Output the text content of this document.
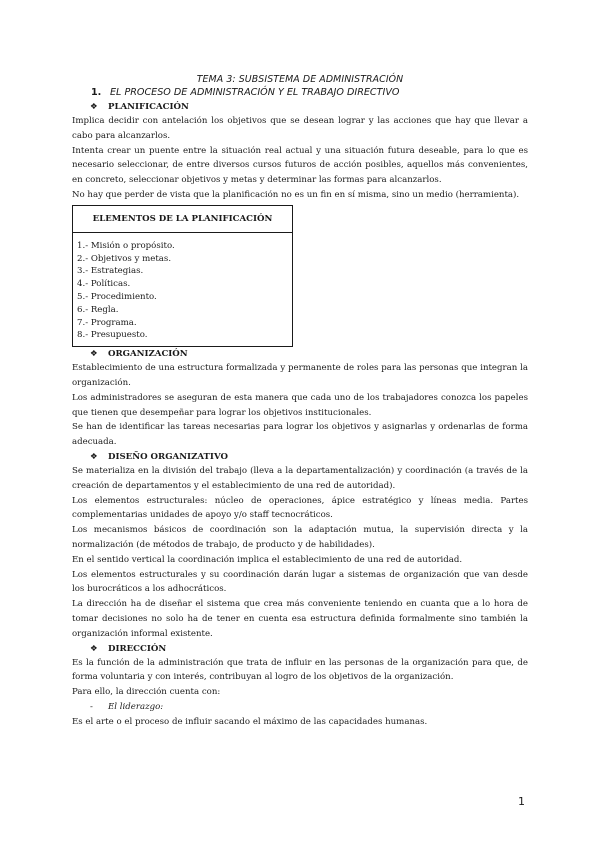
TEMA 3: SUBSISTEMA DE ADMINISTRACIÓN
1. EL PROCESO DE ADMINISTRACIÓN Y EL TRABAJO DIRECTIVO
❖ PLANIFICACIÓN

Implica decidir con antelación los objetivos que se desean lograr y las acciones que hay que llevar a cabo para alcanzarlos.

Intenta crear un puente entre la situación real actual y una situación futura deseable, para lo que es necesario seleccionar, de entre diversos cursos futuros de acción posibles, aquellos más convenientes, en concreto, seleccionar objetivos y metas y determinar las formas para alcanzarlos.

No hay que perder de vista que la planificación no es un fin en sí misma, sino un medio (herramienta).

ELEMENTOS DE LA PLANIFICACIÓN
1.- Misión o propósito.
2.- Objetivos y metas.
3.- Estrategias.
4.- Políticas.
5.- Procedimiento.
6.- Regla.
7.- Programa.
8.- Presupuesto.
❖ ORGANIZACIÓN

Establecimiento de una estructura formalizada y permanente de roles para las personas que integran la organización.

Los administradores se aseguran de esta manera que cada uno de los trabajadores conozca los papeles que tienen que desempeñar para lograr los objetivos institucionales.

Se han de identificar las tareas necesarias para lograr los objetivos y asignarlas y ordenarlas de forma adecuada.

❖ DISEÑO ORGANIZATIVO

Se materializa en la división del trabajo (lleva a la departamentalización) y coordinación (a través de la creación de departamentos y el establecimiento de una red de autoridad).

Los elementos estructurales: núcleo de operaciones, ápice estratégico y líneas media. Partes complementarias unidades de apoyo y/o staff tecnocráticos.

Los mecanismos básicos de coordinación son la adaptación mutua, la supervisión directa y la normalización (de métodos de trabajo, de producto y de habilidades).

En el sentido vertical la coordinación implica el establecimiento de una red de autoridad.

Los elementos estructurales y su coordinación darán lugar a sistemas de organización que van desde los burocráticos a los adhocráticos.

La dirección ha de diseñar el sistema que crea más conveniente teniendo en cuanta que a lo hora de tomar decisiones no solo ha de tener en cuenta esa estructura definida formalmente sino también la organización informal existente.

❖ DIRECCIÓN

Es la función de la administración que trata de influir en las personas de la organización para que, de forma voluntaria y con interés, contribuyan al logro de los objetivos de la organización.

Para ello, la dirección cuenta con:

- El liderazgo:

Es el arte o el proceso de influir sacando el máximo de las capacidades humanas.

1
